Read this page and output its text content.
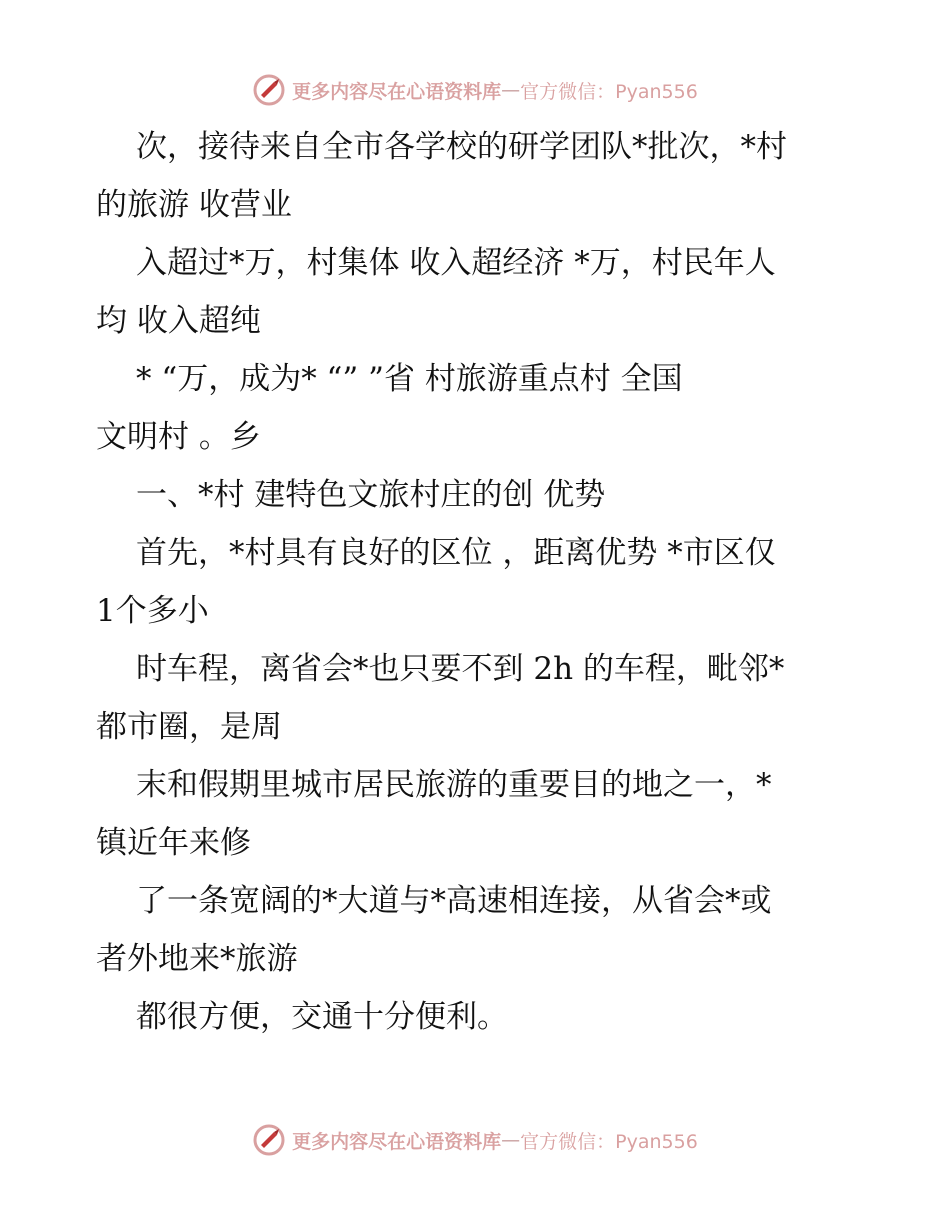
更多内容尽在心语资料库 — 官方微信：Pyan556
次，接待来自全市各学校的研学团队*批次，*村
的旅游 收营业
入超过*万，村集体 收入超经济 *万，村民年人
均 收入超纯
* “万，成为* “” ”省 村旅游重点村 全国
文明村 。乡
一、*村 建特色文旅村庄的创 优势
首先，*村具有良好的区位 ，距离优势 *市区仅
1个多小
时车程，离省会*也只要不到 2h 的车程，毗邻*
都市圈，是周
末和假期里城市居民旅游的重要目的地之一，*
镇近年来修
了一条宽阔的*大道与*高速相连接，从省会*或
者外地来*旅游
都很方便，交通十分便利。
更多内容尽在心语资料库 — 官方微信：Pyan556
